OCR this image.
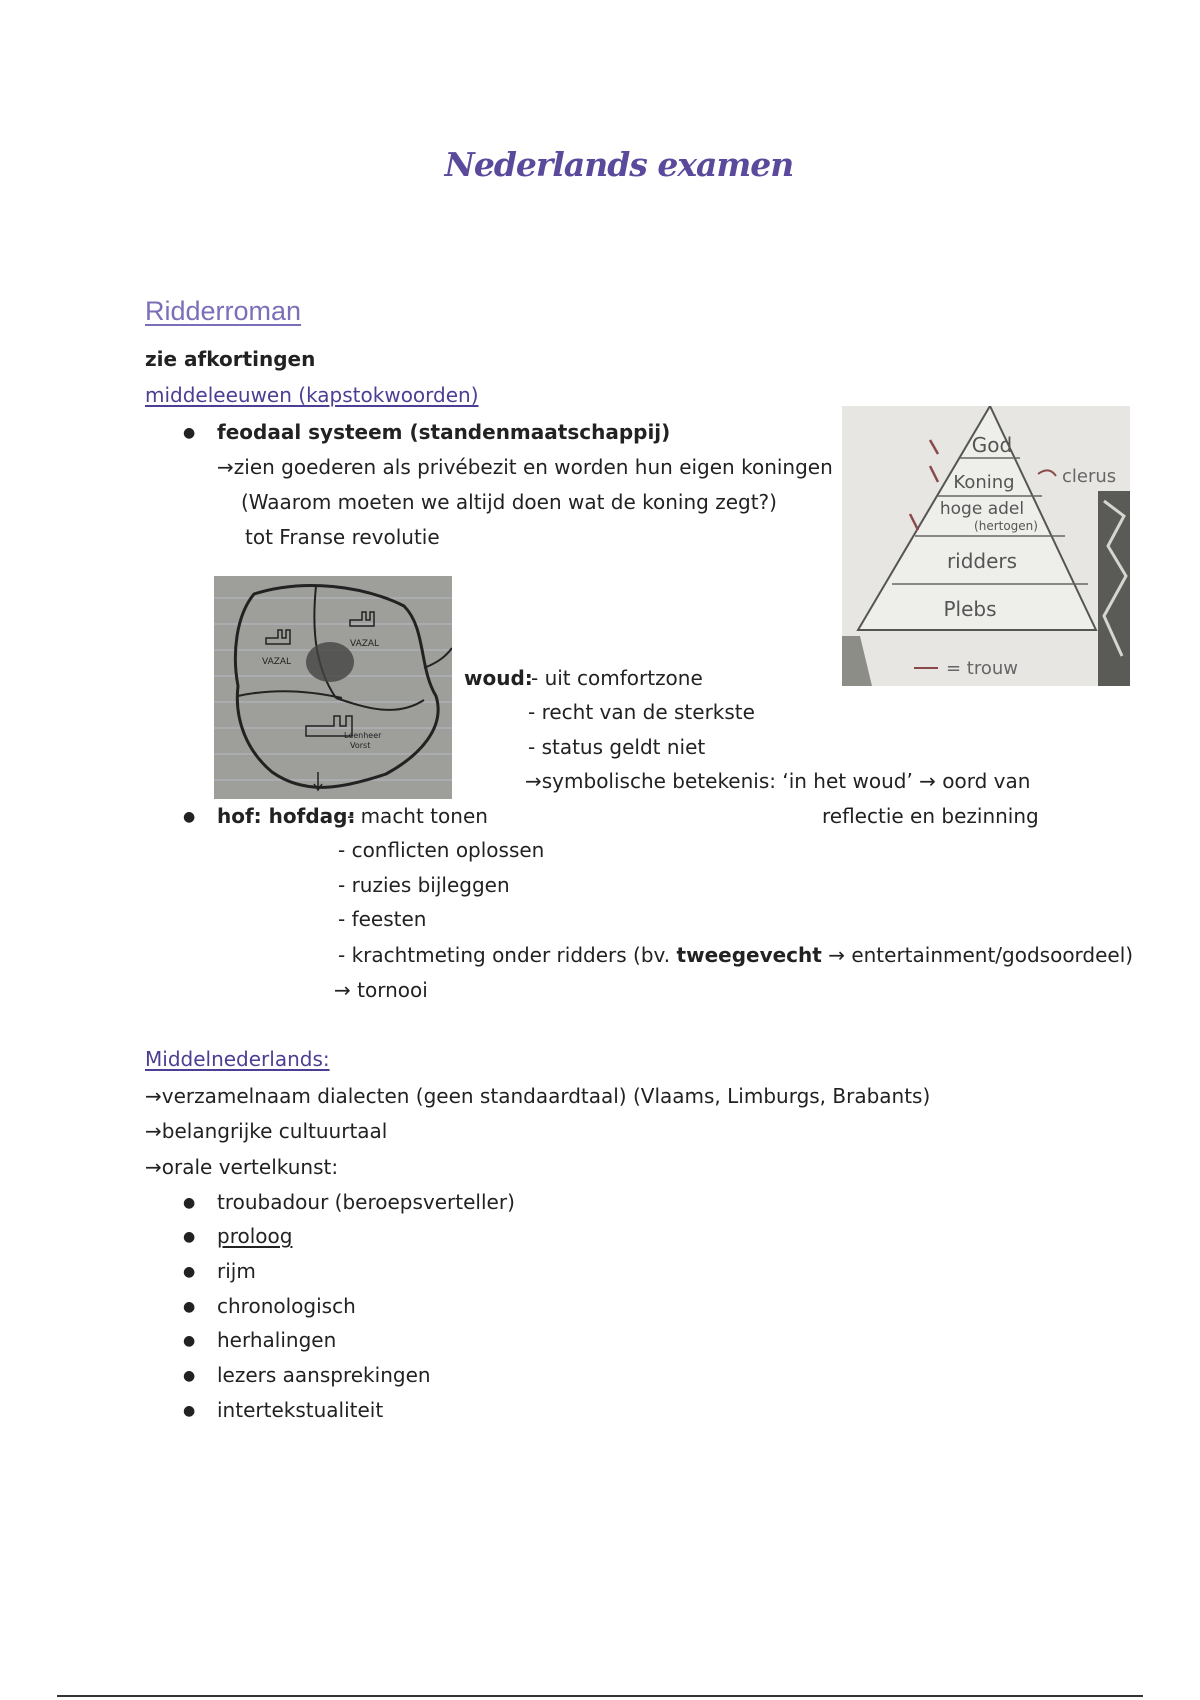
Nederlands examen
Ridderroman
zie afkortingen
middeleeuwen (kapstokwoorden)
● feodaal systeem (standenmaatschappij)
→zien goederen als privébezit en worden hun eigen koningen
(Waarom moeten we altijd doen wat de koning zegt?)
tot Franse revolutie
God
Koning
hoge adel
(hertogen)
ridders
Plebs
clerus
= trouw
VAZAL
VAZAL
Leenheer
Vorst
woud:
- uit comfortzone
- recht van de sterkste
- status geldt niet
→symbolische betekenis: ‘in het woud’ → oord van
reflectie en bezinning
● hof: hofdag:
- macht tonen
- conflicten oplossen
- ruzies bijleggen
- feesten
- krachtmeting onder ridders (bv. tweegevecht → entertainment/godsoordeel)
→ tornooi
Middelnederlands:
→verzamelnaam dialecten (geen standaardtaal) (Vlaams, Limburgs, Brabants)
→belangrijke cultuurtaal
→orale vertelkunst:
● troubadour (beroepsverteller)
● proloog
● rijm
● chronologisch
● herhalingen
● lezers aansprekingen
● intertekstualiteit
